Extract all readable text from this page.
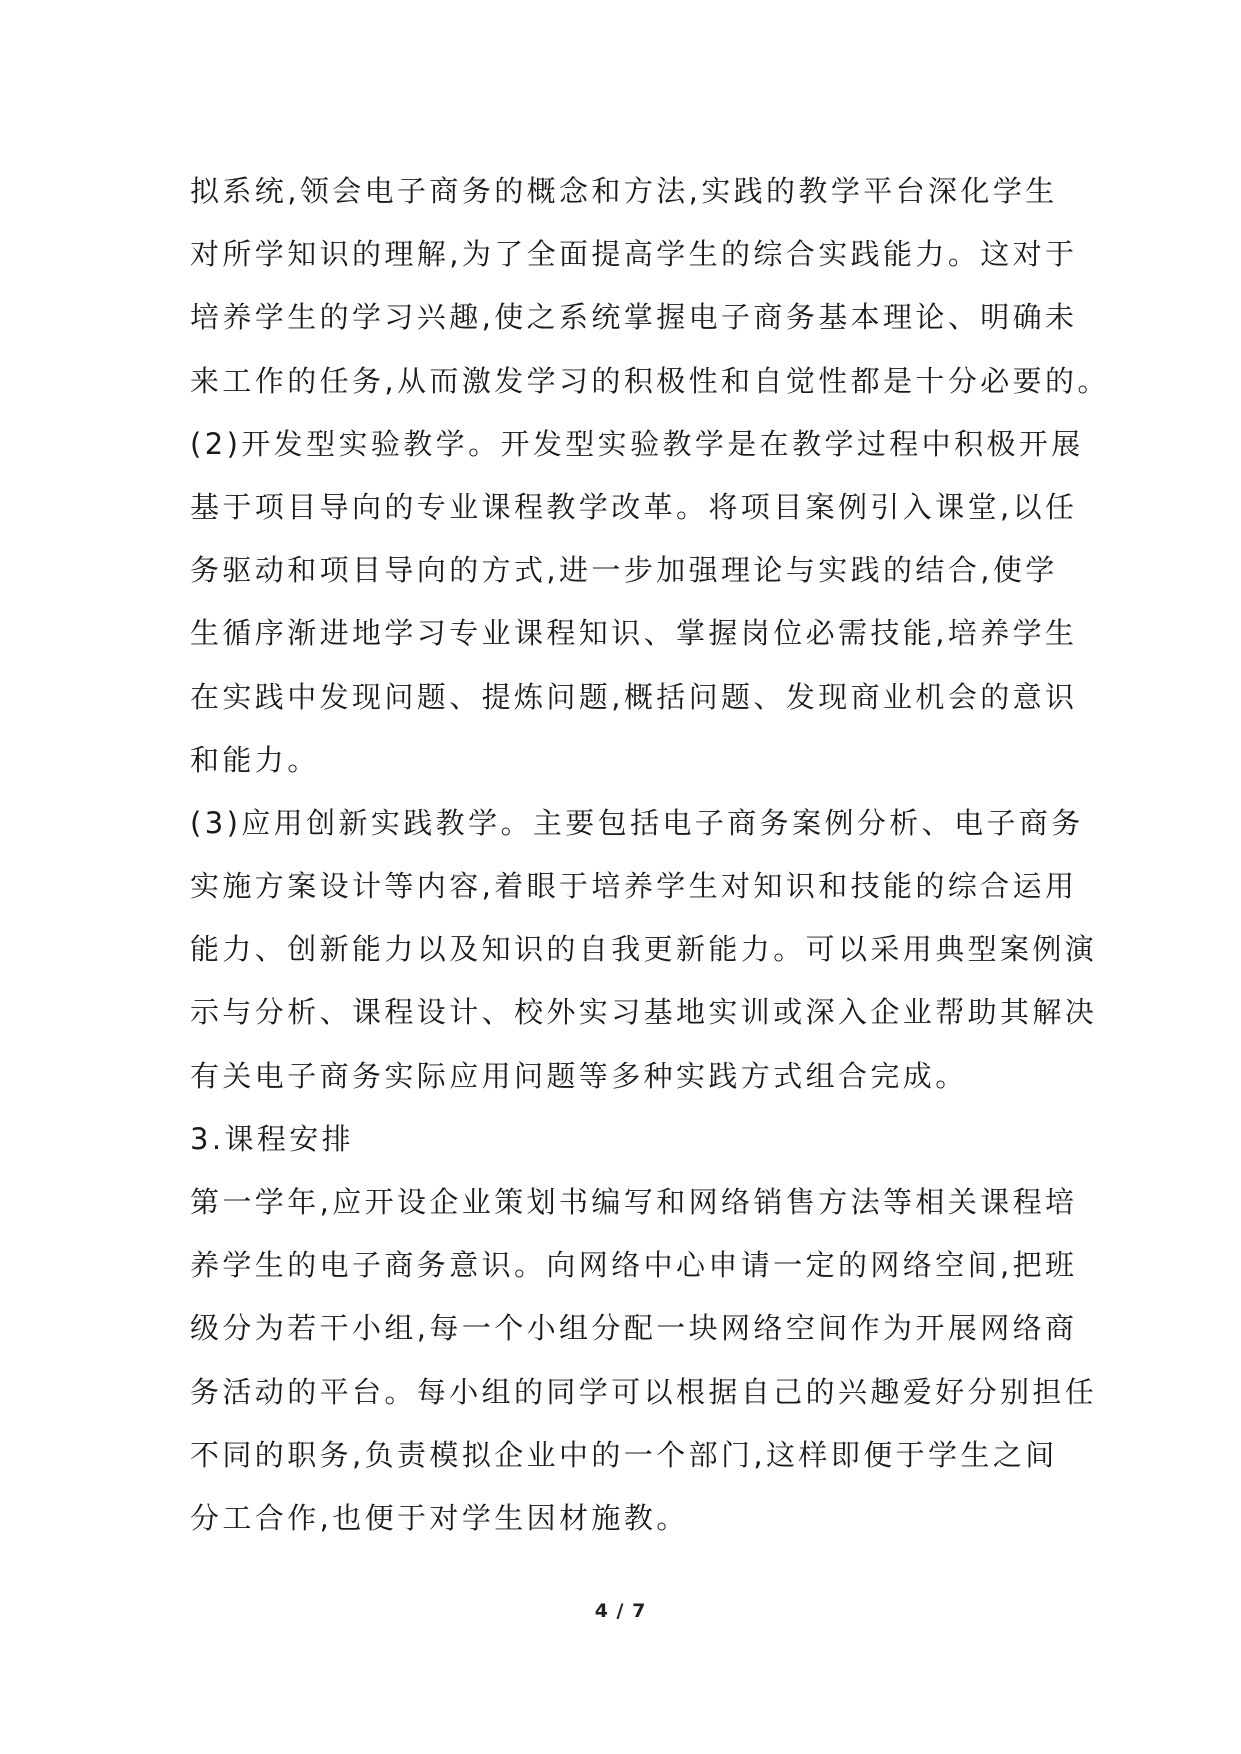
拟系统,领会电子商务的概念和方法,实践的教学平台深化学生
对所学知识的理解,为了全面提高学生的综合实践能力。这对于
培养学生的学习兴趣,使之系统掌握电子商务基本理论、明确未
来工作的任务,从而激发学习的积极性和自觉性都是十分必要的。
(2)开发型实验教学。开发型实验教学是在教学过程中积极开展
基于项目导向的专业课程教学改革。将项目案例引入课堂,以任
务驱动和项目导向的方式,进一步加强理论与实践的结合,使学
生循序渐进地学习专业课程知识、掌握岗位必需技能,培养学生
在实践中发现问题、提炼问题,概括问题、发现商业机会的意识
和能力。
(3)应用创新实践教学。主要包括电子商务案例分析、电子商务
实施方案设计等内容,着眼于培养学生对知识和技能的综合运用
能力、创新能力以及知识的自我更新能力。可以采用典型案例演
示与分析、课程设计、校外实习基地实训或深入企业帮助其解决
有关电子商务实际应用问题等多种实践方式组合完成。
3.课程安排
第一学年,应开设企业策划书编写和网络销售方法等相关课程培
养学生的电子商务意识。向网络中心申请一定的网络空间,把班
级分为若干小组,每一个小组分配一块网络空间作为开展网络商
务活动的平台。每小组的同学可以根据自己的兴趣爱好分别担任
不同的职务,负责模拟企业中的一个部门,这样即便于学生之间
分工合作,也便于对学生因材施教。
4 / 7
